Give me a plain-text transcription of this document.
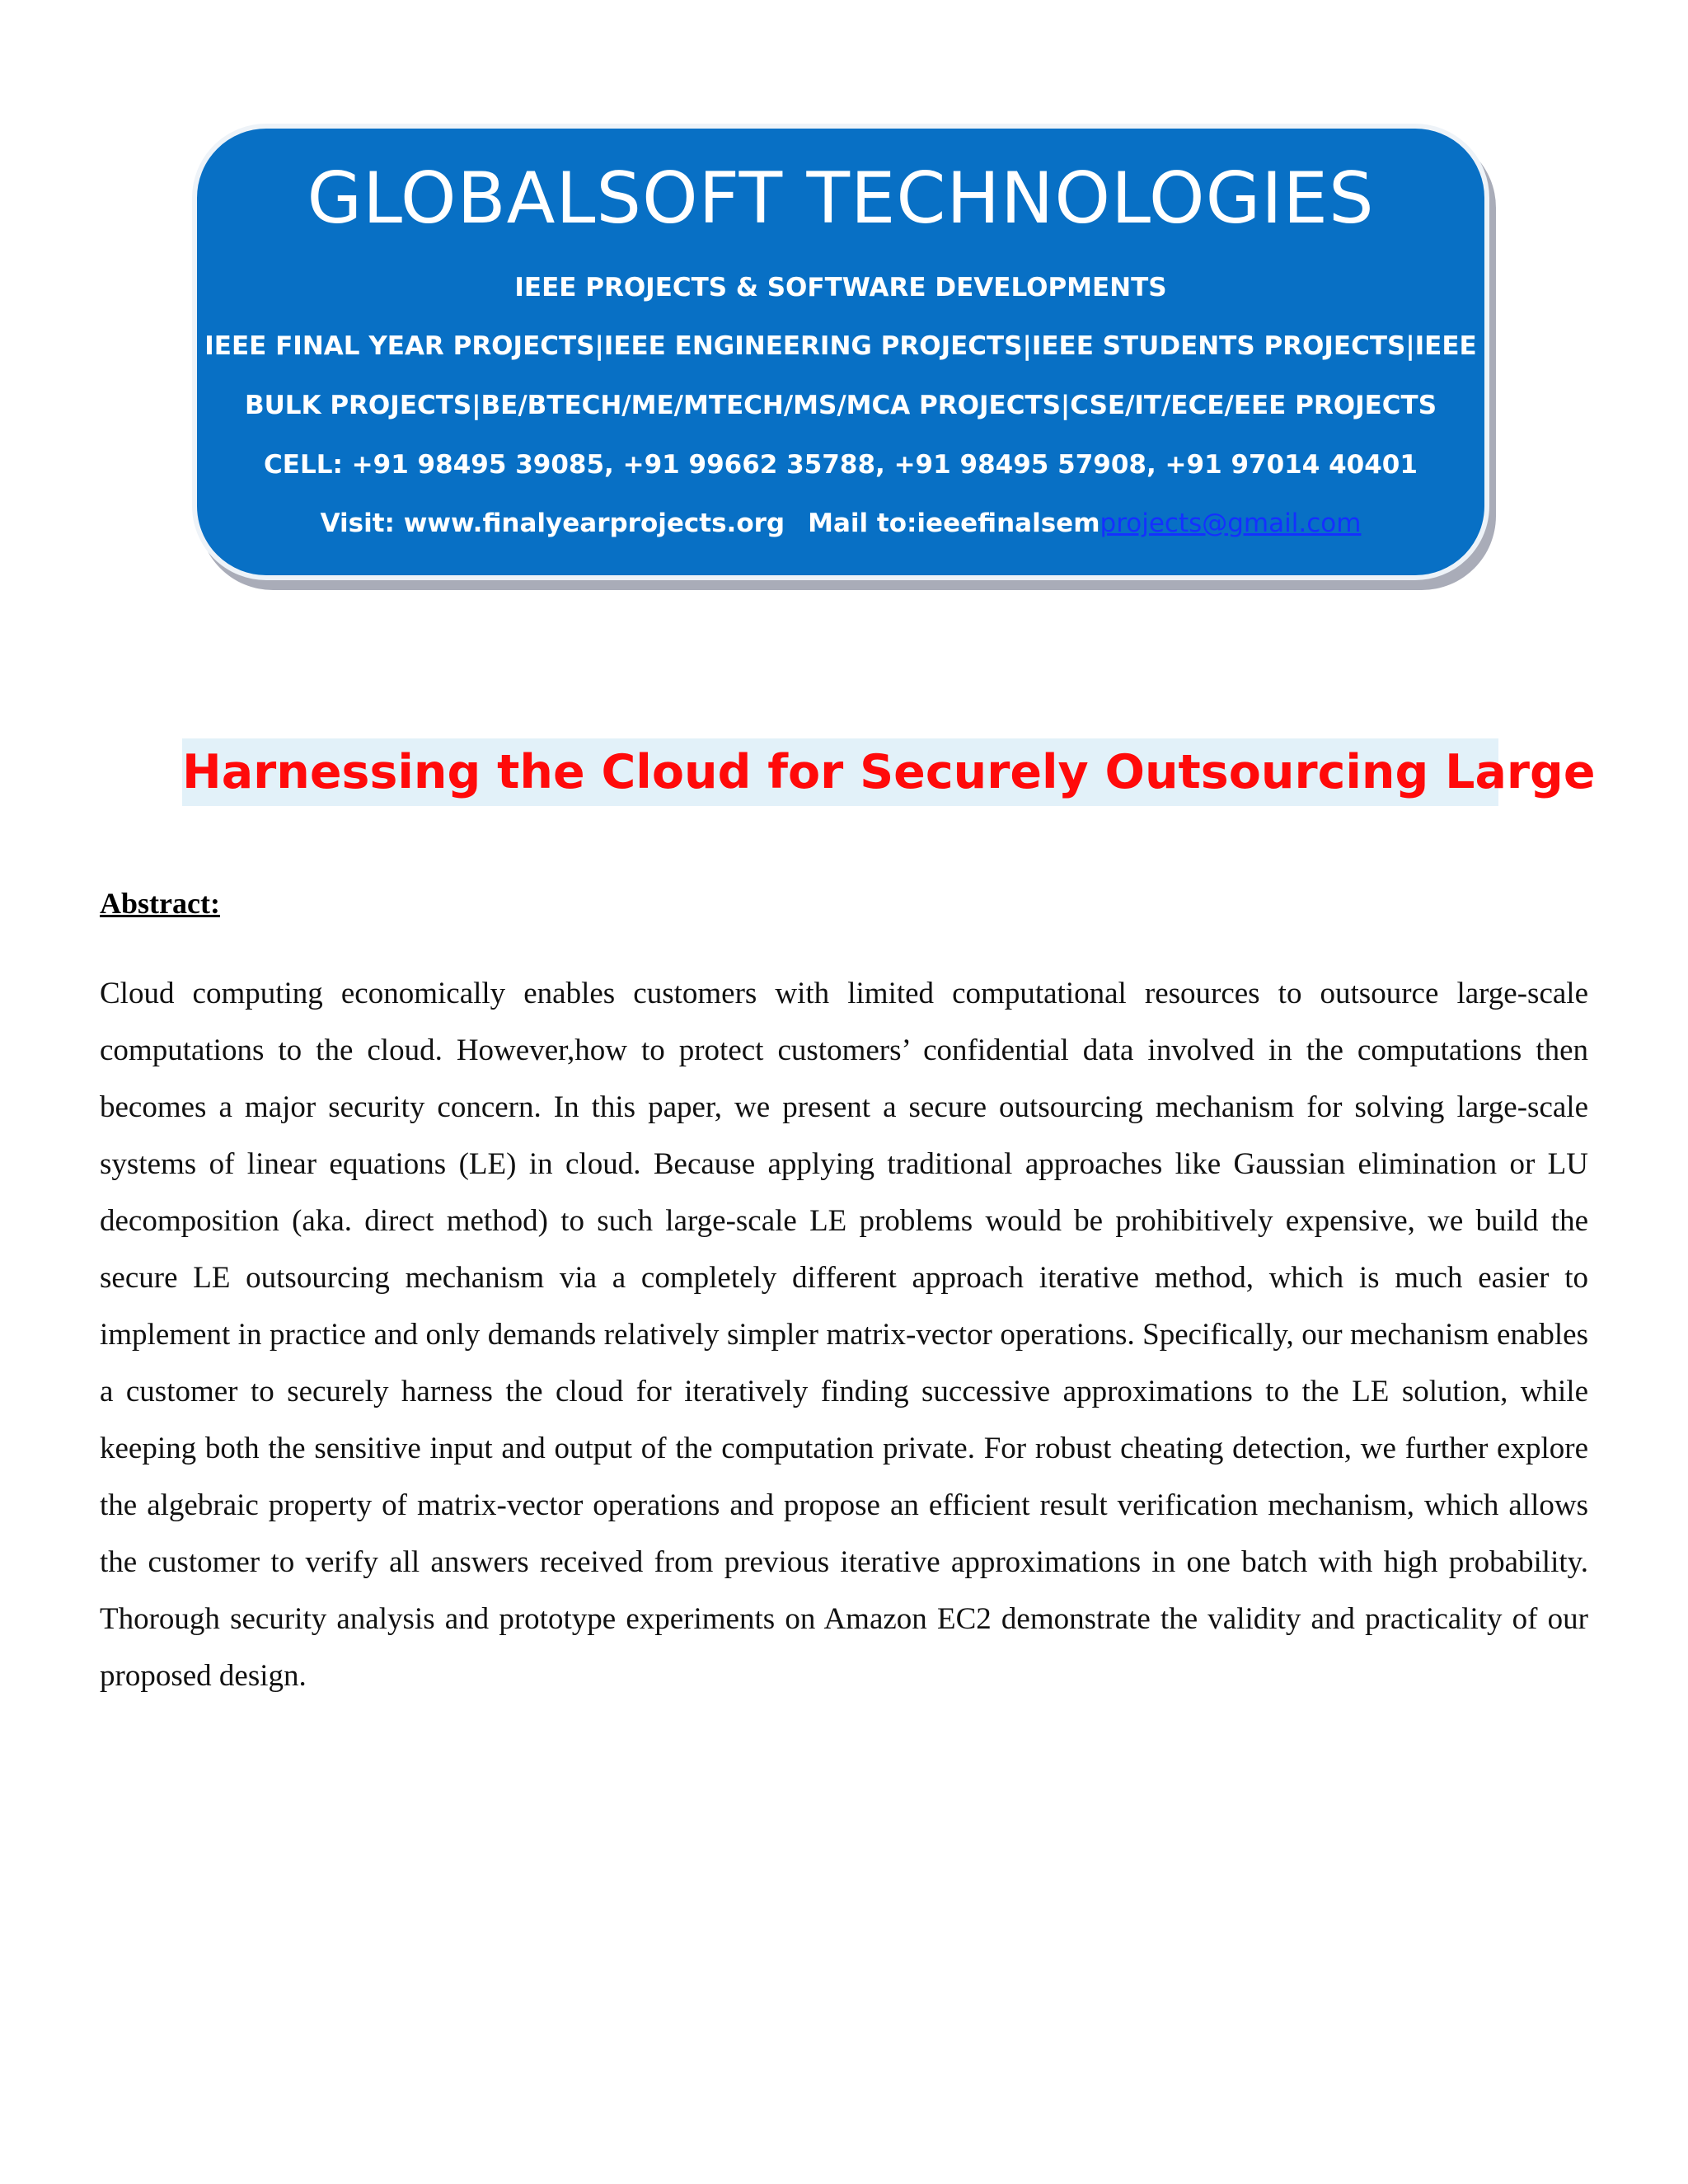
GLOBALSOFT TECHNOLOGIES
IEEE PROJECTS & SOFTWARE DEVELOPMENTS
IEEE FINAL YEAR PROJECTS|IEEE ENGINEERING PROJECTS|IEEE STUDENTS PROJECTS|IEEE
BULK PROJECTS|BE/BTECH/ME/MTECH/MS/MCA PROJECTS|CSE/IT/ECE/EEE PROJECTS
CELL: +91 98495 39085, +91 99662 35788, +91 98495 57908, +91 97014 40401
Visit: www.finalyearprojects.org Mail to:ieeefinalsemprojects@gmail.com
Harnessing the Cloud for Securely Outsourcing Large
Abstract:

Cloud computing economically enables customers with limited computational resources to outsource large-scale computations to the cloud. However,how to protect customers’ confidential data involved in the computations then becomes a major security concern. In this paper, we present a secure outsourcing mechanism for solving large-scale systems of linear equations (LE) in cloud. Because applying traditional approaches like Gaussian elimination or LU decomposition (aka. direct method) to such large-scale LE problems would be prohibitively expensive, we build the secure LE outsourcing mechanism via a completely different approach iterative method, which is much easier to implement in practice and only demands relatively simpler matrix-vector operations. Specifically, our mechanism enables a customer to securely harness the cloud for iteratively finding successive approximations to the LE solution, while keeping both the sensitive input and output of the computation private. For robust cheating detection, we further explore the algebraic property of matrix-vector operations and propose an efficient result verification mechanism, which allows the customer to verify all answers received from previous iterative approximations in one batch with high probability. Thorough security analysis and prototype experiments on Amazon EC2 demonstrate the validity and practicality of our proposed design.
